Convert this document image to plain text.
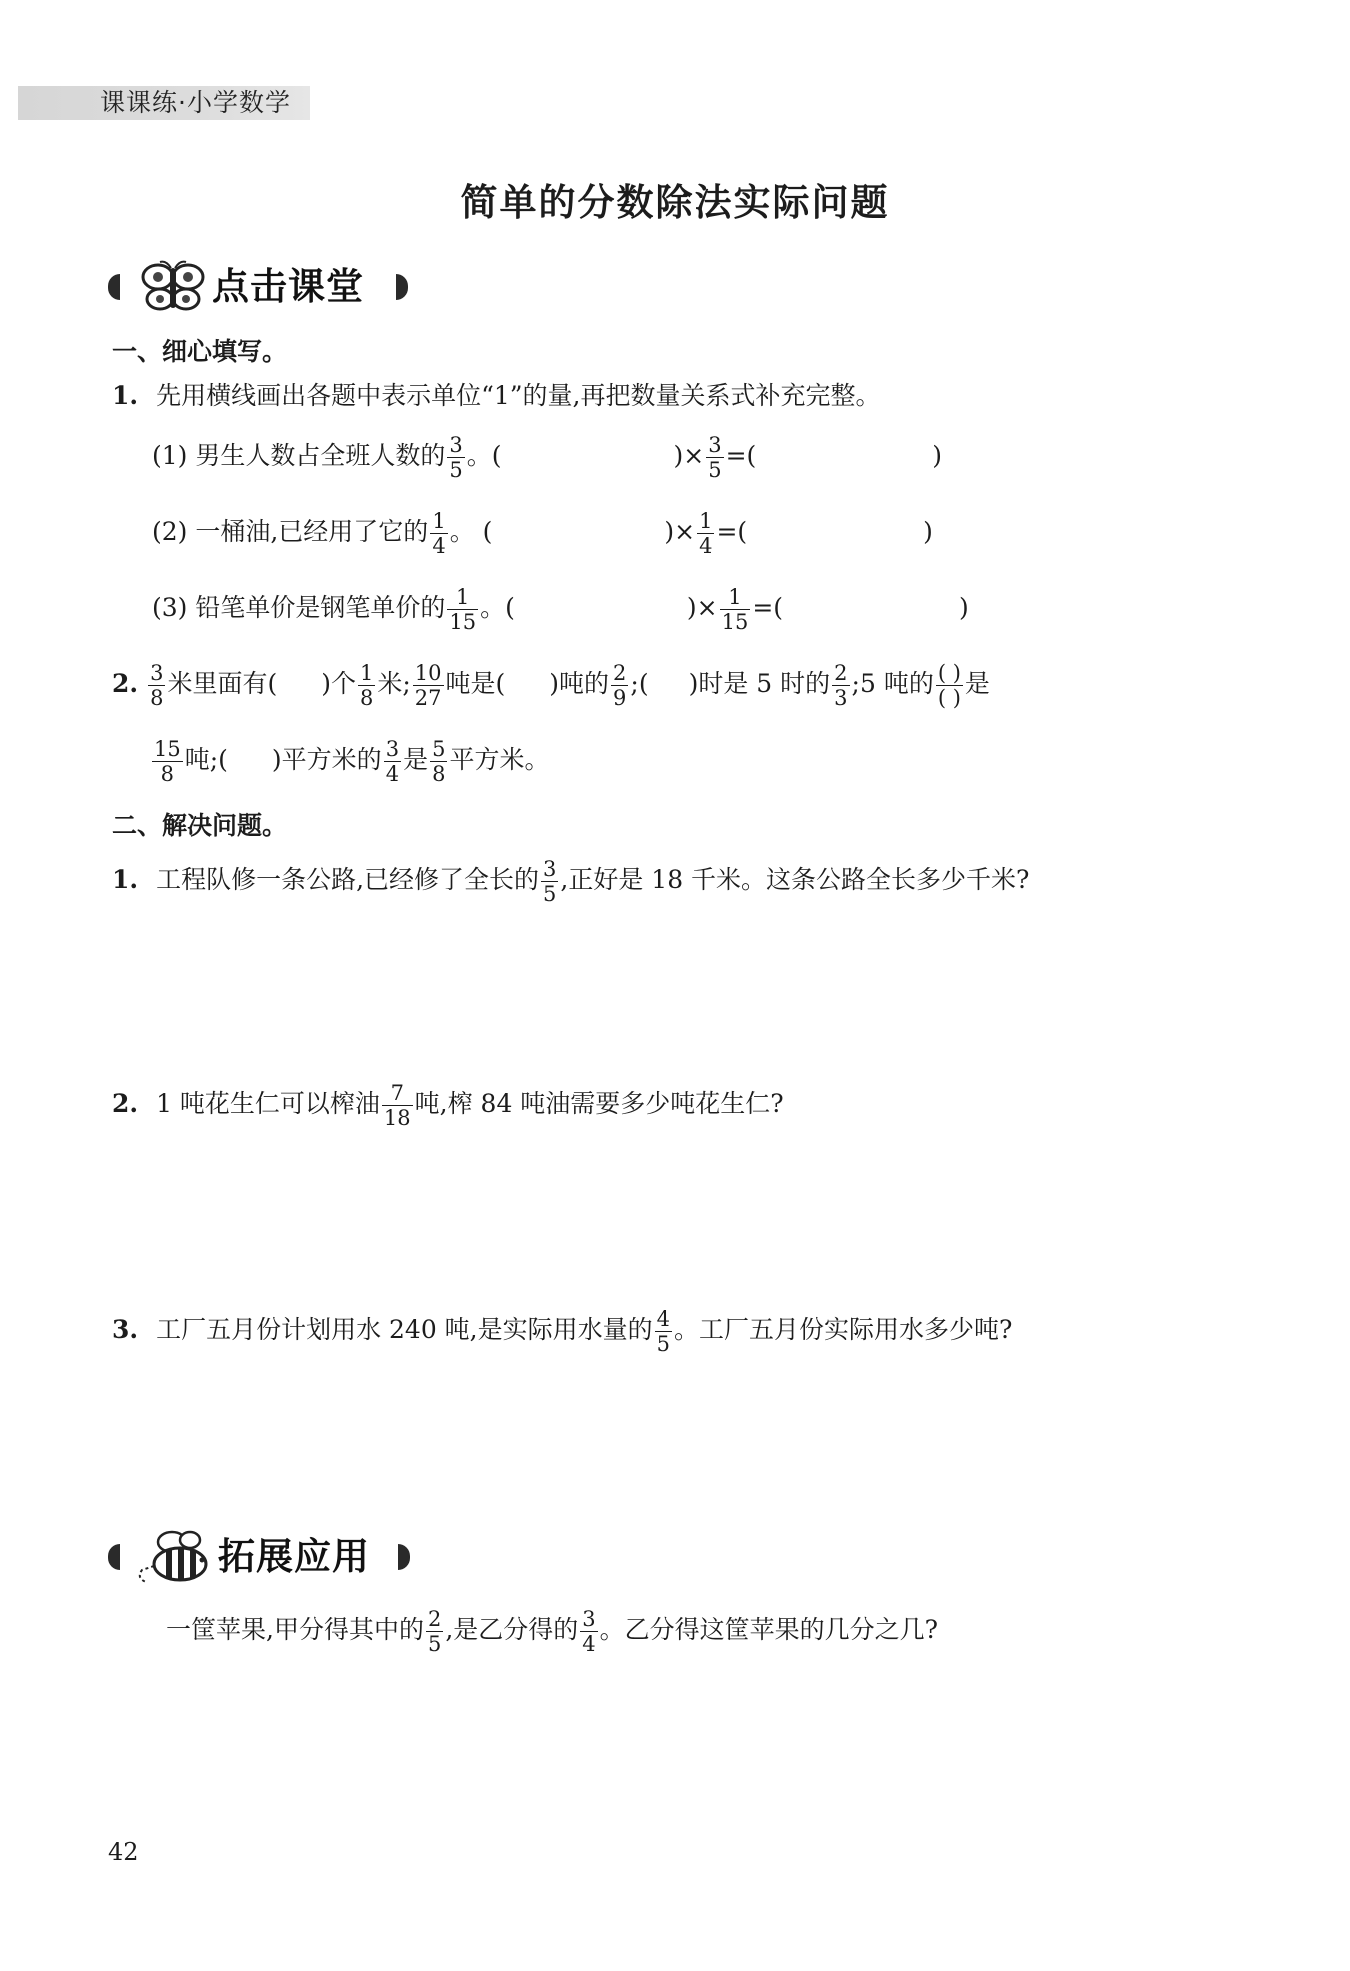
课课练·小学数学
简单的分数除法实际问题
点击课堂
一、细心填写。
1. 先用横线画出各题中表示单位“1”的量,再把数量关系式补充完整。
(1) 男生人数占全班人数的 $\frac{3}{5}$ 。(	)× $\frac{3}{5}$ =(	)
(2) 一桶油,已经用了它的 $\frac{1}{4}$ 。 (	)× $\frac{1}{4}$ =(	)
(3) 铅笔单价是钢笔单价的 $\frac{1}{15}$ 。(	)× $\frac{1}{15}$ =(	)
2. $\frac{3}{8}$ 米里面有( )个 $\frac{1}{8}$ 米; $\frac{10}{27}$ 吨是( )吨的 $\frac{2}{9}$ ;( )时是 5 时的 $\frac{2}{3}$ ;5 吨的 $\frac{( )}{( )}$ 是
$\frac{15}{8}$ 吨;( )平方米的 $\frac{3}{4}$ 是 $\frac{5}{8}$ 平方米。
二、解决问题。
1. 工程队修一条公路,已经修了全长的 $\frac{3}{5}$ ,正好是 18 千米。这条公路全长多少千米?
2. 1 吨花生仁可以榨油 $\frac{7}{18}$ 吨,榨 84 吨油需要多少吨花生仁?
3. 工厂五月份计划用水 240 吨,是实际用水量的 $\frac{4}{5}$ 。工厂五月份实际用水多少吨?
拓展应用
一筐苹果,甲分得其中的 $\frac{2}{5}$ ,是乙分得的 $\frac{3}{4}$ 。乙分得这筐苹果的几分之几?
42
